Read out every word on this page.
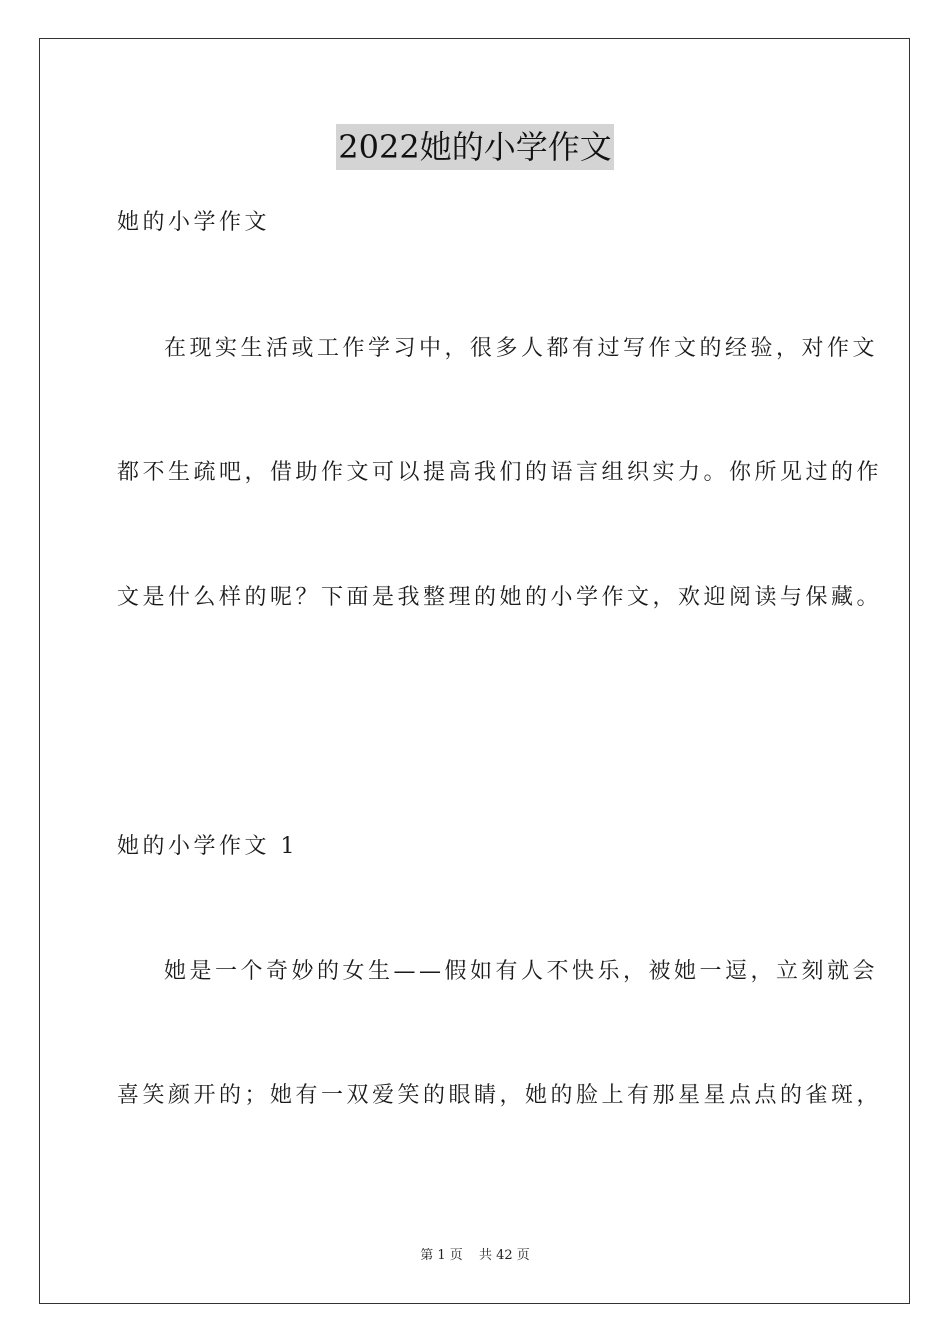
2022她的小学作文
她的小学作文
在现实生活或工作学习中，很多人都有过写作文的经验，对作文
都不生疏吧，借助作文可以提高我们的语言组织实力。你所见过的作
文是什么样的呢？下面是我整理的她的小学作文，欢迎阅读与保藏。
她的小学作文 1
她是一个奇妙的女生——假如有人不快乐，被她一逗，立刻就会
喜笑颜开的；她有一双爱笑的眼睛，她的脸上有那星星点点的雀斑，
第 1 页 共 42 页
